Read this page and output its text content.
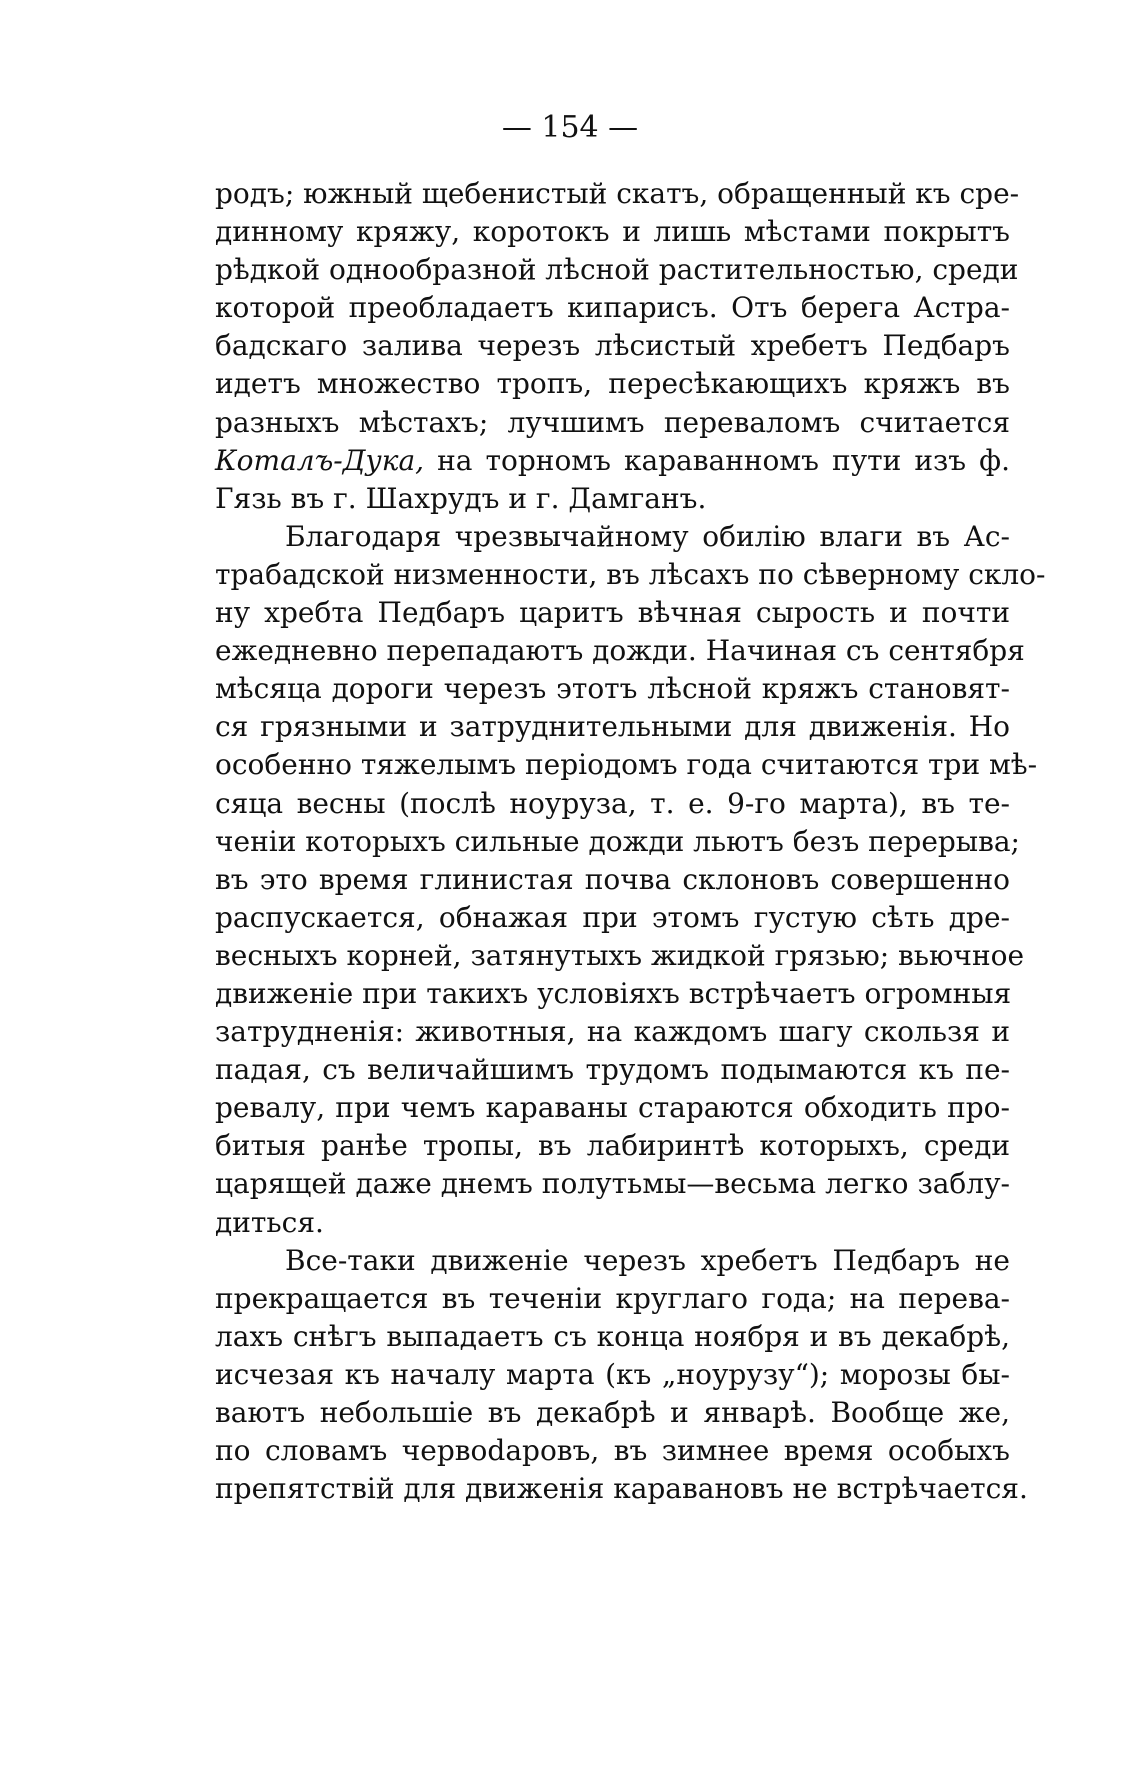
— 154 —
родъ; южный щебенистый скатъ, обращенный къ сре-
динному кряжу, коротокъ и лишь мѣстами покрытъ
рѣдкой однообразной лѣсной растительностью, среди
которой преобладаетъ кипарисъ. Отъ берега Астра-
бадскаго залива черезъ лѣсистый хребетъ Педбаръ
идетъ множество тропъ, пересѣкающихъ кряжъ въ
разныхъ мѣстахъ; лучшимъ переваломъ считается
Коталъ-Дука, на торномъ караванномъ пути изъ ф.
Гязь въ г. Шахрудъ и г. Дамганъ.
Благодаря чрезвычайному обилію влаги въ Ас-
трабадской низменности, въ лѣсахъ по сѣверному скло-
ну хребта Педбаръ царитъ вѣчная сырость и почти
ежедневно перепадаютъ дожди. Начиная съ сентября
мѣсяца дороги черезъ этотъ лѣсной кряжъ становят-
ся грязными и затруднительными для движенія. Но
особенно тяжелымъ періодомъ года считаются три мѣ-
сяца весны (послѣ ноуруза, т. е. 9-го марта), въ те-
ченіи которыхъ сильные дожди льютъ безъ перерыва;
въ это время глинистая почва склоновъ совершенно
распускается, обнажая при этомъ густую сѣть дре-
весныхъ корней, затянутыхъ жидкой грязью; вьючное
движеніе при такихъ условіяхъ встрѣчаетъ огромныя
затрудненія: животныя, на каждомъ шагу скользя и
падая, съ величайшимъ трудомъ подымаются къ пе-
ревалу, при чемъ караваны стараются обходить про-
битыя ранѣе тропы, въ лабиринтѣ которыхъ, среди
царящей даже днемъ полутьмы—весьма легко заблу-
диться.
Все-таки движеніе черезъ хребетъ Педбаръ не
прекращается въ теченіи круглаго года; на перева-
лахъ снѣгъ выпадаетъ съ конца ноября и въ декабрѣ,
исчезая къ началу марта (къ „ноурузу“); морозы бы-
ваютъ небольшіе въ декабрѣ и январѣ. Вообще же,
по словамъ червodaровъ, въ зимнее время особыхъ
препятствій для движенія каравановъ не встрѣчается.
